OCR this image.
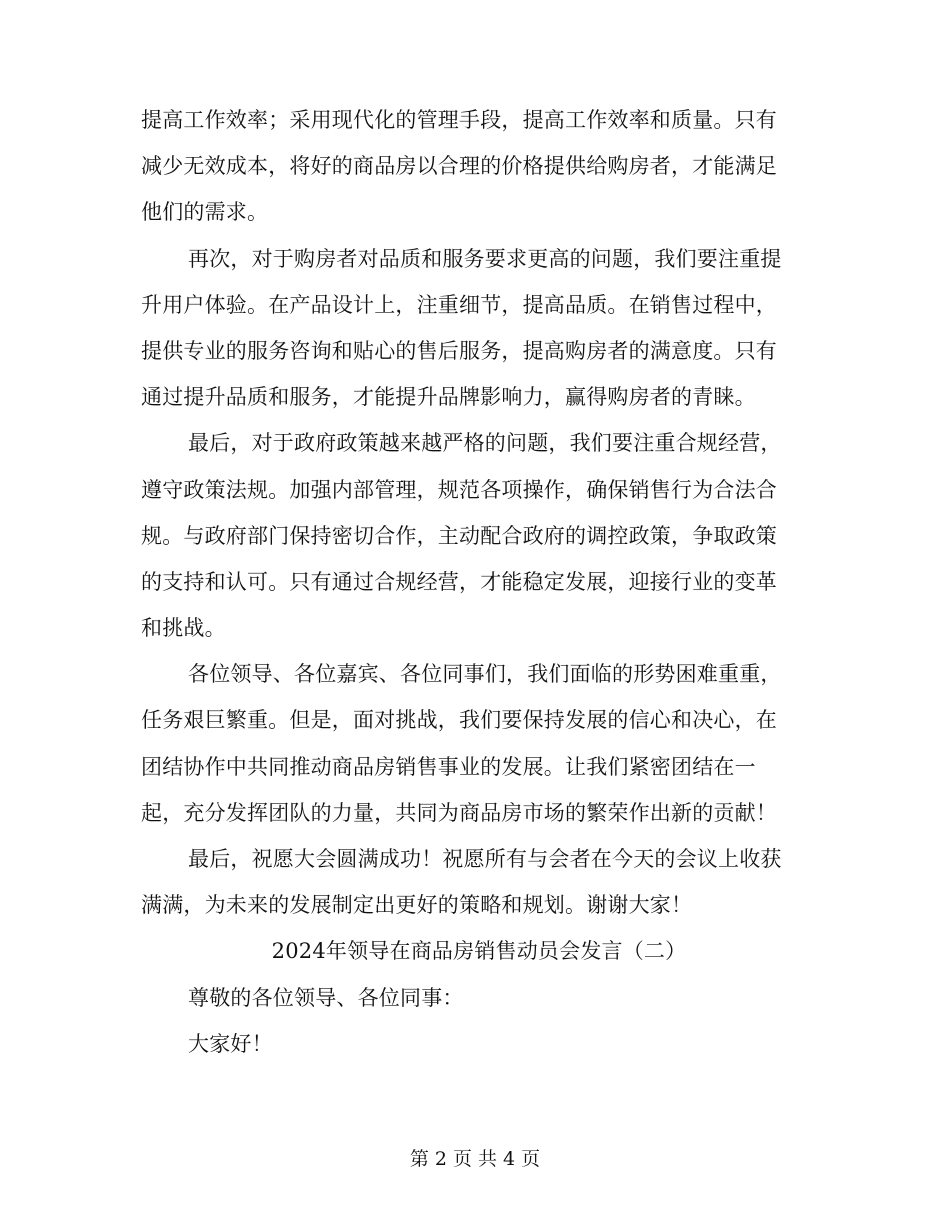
提高工作效率；采用现代化的管理手段，提高工作效率和质量。只有
减少无效成本，将好的商品房以合理的价格提供给购房者，才能满足
他们的需求。
再次，对于购房者对品质和服务要求更高的问题，我们要注重提
升用户体验。在产品设计上，注重细节，提高品质。在销售过程中，
提供专业的服务咨询和贴心的售后服务，提高购房者的满意度。只有
通过提升品质和服务，才能提升品牌影响力，赢得购房者的青睐。
最后，对于政府政策越来越严格的问题，我们要注重合规经营，
遵守政策法规。加强内部管理，规范各项操作，确保销售行为合法合
规。与政府部门保持密切合作，主动配合政府的调控政策，争取政策
的支持和认可。只有通过合规经营，才能稳定发展，迎接行业的变革
和挑战。
各位领导、各位嘉宾、各位同事们，我们面临的形势困难重重，
任务艰巨繁重。但是，面对挑战，我们要保持发展的信心和决心，在
团结协作中共同推动商品房销售事业的发展。让我们紧密团结在一
起，充分发挥团队的力量，共同为商品房市场的繁荣作出新的贡献！
最后，祝愿大会圆满成功！祝愿所有与会者在今天的会议上收获
满满，为未来的发展制定出更好的策略和规划。谢谢大家！
2024年领导在商品房销售动员会发言（二）
尊敬的各位领导、各位同事：
大家好！
第 2 页 共 4 页
